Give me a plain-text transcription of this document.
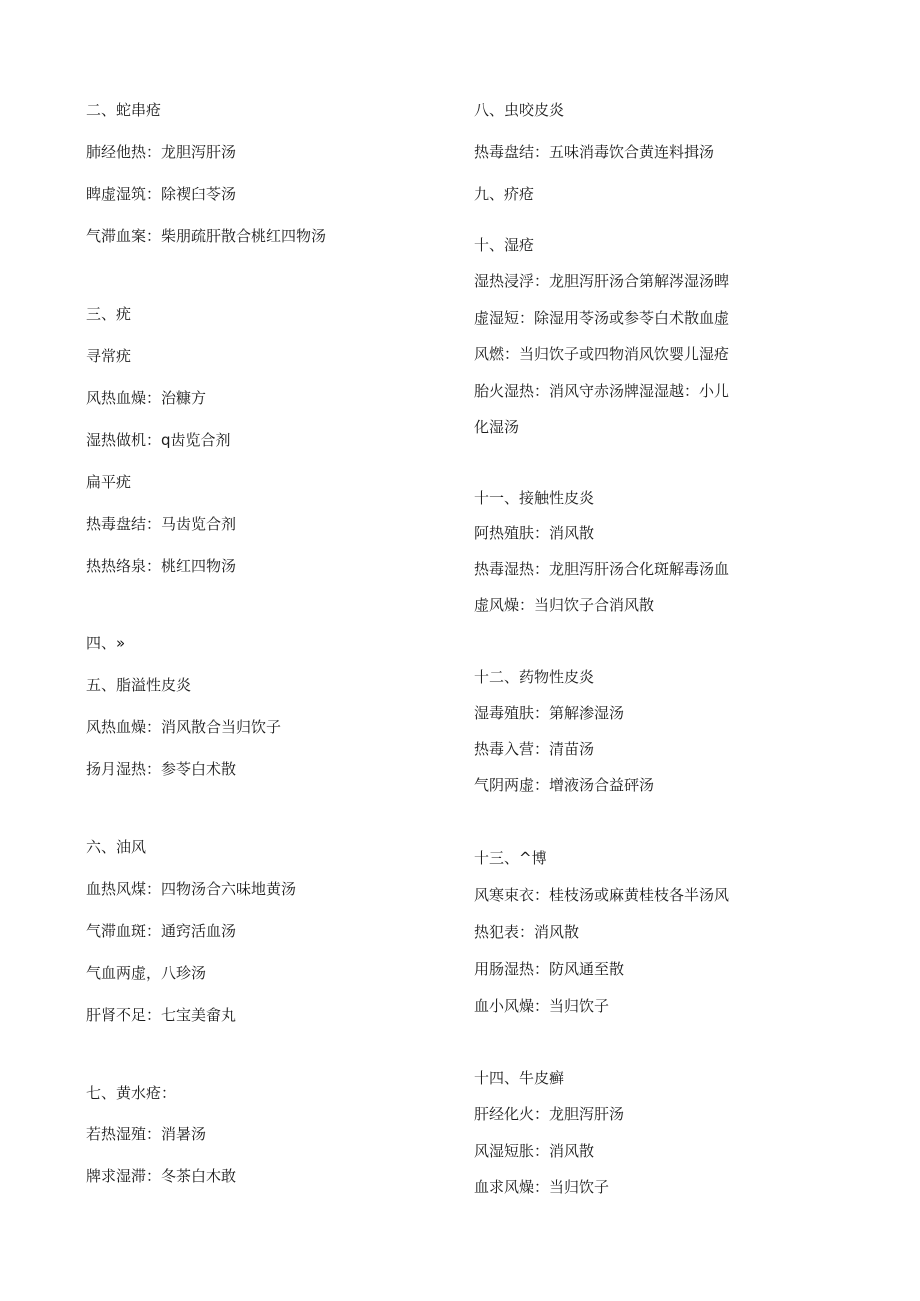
二、蛇串疮
肺经他热：龙胆泻肝汤
睥虚湿筑：除褉臼苓汤
气滞血案：柴朋疏肝散合桃红四物汤
三、疣
寻常疣
风热血燥：治糠方
湿热做机：q齿览合剂
扁平疣
热毒盘结：马齿览合剂
热热络泉：桃红四物汤
四、»
五、脂溢性皮炎
风热血燥：消风散合当归饮子
扬月湿热：参苓白术散
六、油风
血热风煤：四物汤合六味地黄汤
气滞血斑：通窍活血汤
气血两虚，八珍汤
肝肾不足：七宝美畲丸
七、黄水疮：
若热湿殖：消暑汤
牌求湿滞：冬茶白木敢
八、虫咬皮炎
热毒盘结：五味消毒饮合黄连料揖汤
九、疥疮
十、湿疮
湿热浸浮：龙胆泻肝汤合第解涔湿汤睥
虚湿短：除湿用苓汤或参苓白术散血虚
风燃：当归饮子或四物消风饮婴儿湿疮
胎火湿热：消风守赤汤牌湿湿越：小儿
化湿汤
十一、接触性皮炎
阿热殖肤：消风散
热毒湿热：龙胆泻肝汤合化斑解毒汤血
虚风燥：当归饮子合消风散
十二、药物性皮炎
湿毒殖肤：第解渗湿汤
热毒入营：清苗汤
气阴两虚：增液汤合益砰汤
十三、^博
风寒束衣：桂枝汤或麻黄桂枝各半汤风
热犯表：消风散
用肠湿热：防风通至散
血小风燥：当归饮子
十四、牛皮癣
肝经化火：龙胆泻肝汤
风湿短胀：消风散
血求风燥：当归饮子
